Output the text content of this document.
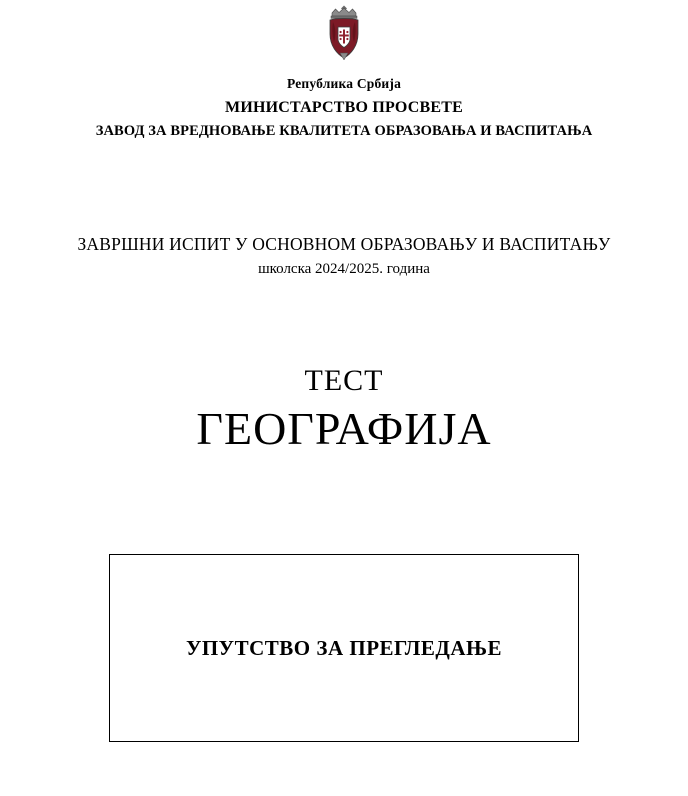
Република Србија
МИНИСТАРСТВО ПРОСВЕТЕ
ЗАВОД ЗА ВРЕДНОВАЊЕ КВАЛИТЕТА ОБРАЗОВАЊА И ВАСПИТАЊА
ЗАВРШНИ ИСПИТ У ОСНОВНОМ ОБРАЗОВАЊУ И ВАСПИТАЊУ
школска 2024/2025. година
ТЕСТ
ГЕОГРАФИЈА
УПУТСТВО ЗА ПРЕГЛЕДАЊЕ
